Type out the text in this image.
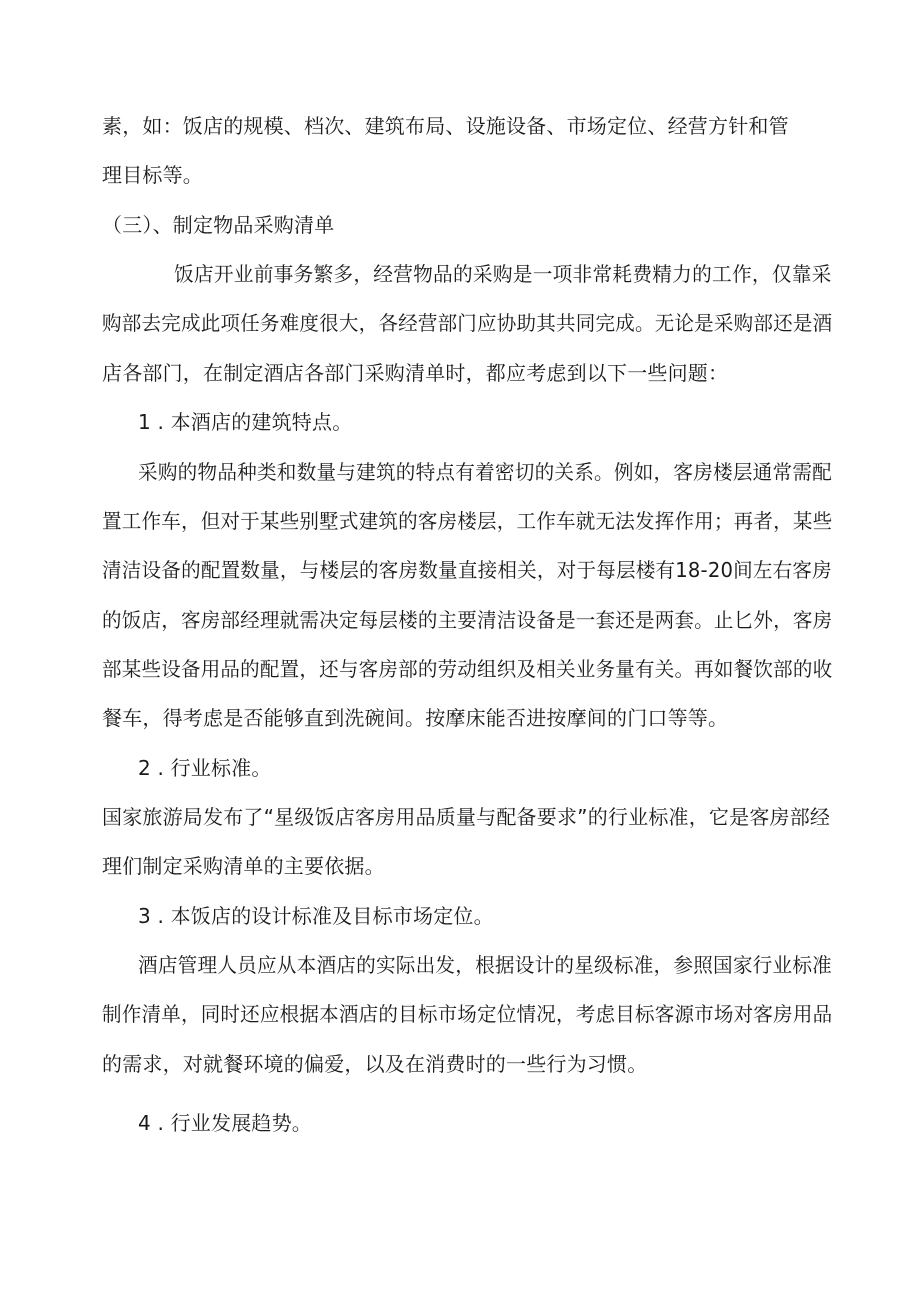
素，如：饭店的规模、档次、建筑布局、设施设备、市场定位、经营方针和管
理目标等。
（三）、制定物品采购清单
饭店开业前事务繁多，经营物品的采购是一项非常耗费精力的工作，仅靠采
购部去完成此项任务难度很大，各经营部门应协助其共同完成。无论是采购部还是酒
店各部门，在制定酒店各部门采购清单时，都应考虑到以下一些问题：
1 . 本酒店的建筑特点。
采购的物品种类和数量与建筑的特点有着密切的关系。例如，客房楼层通常需配
置工作车，但对于某些别墅式建筑的客房楼层，工作车就无法发挥作用；再者，某些
清洁设备的配置数量，与楼层的客房数量直接相关，对于每层楼有18-20间左右客房
的饭店，客房部经理就需决定每层楼的主要清洁设备是一套还是两套。止匕外，客房
部某些设备用品的配置，还与客房部的劳动组织及相关业务量有关。再如餐饮部的收
餐车，得考虑是否能够直到洗碗间。按摩床能否进按摩间的门口等等。
2 . 行业标准。
国家旅游局发布了“星级饭店客房用品质量与配备要求”的行业标准，它是客房部经
理们制定采购清单的主要依据。
3 . 本饭店的设计标准及目标市场定位。
酒店管理人员应从本酒店的实际出发，根据设计的星级标准，参照国家行业标准
制作清单，同时还应根据本酒店的目标市场定位情况，考虑目标客源市场对客房用品
的需求，对就餐环境的偏爱，以及在消费时的一些行为习惯。
4 . 行业发展趋势。
